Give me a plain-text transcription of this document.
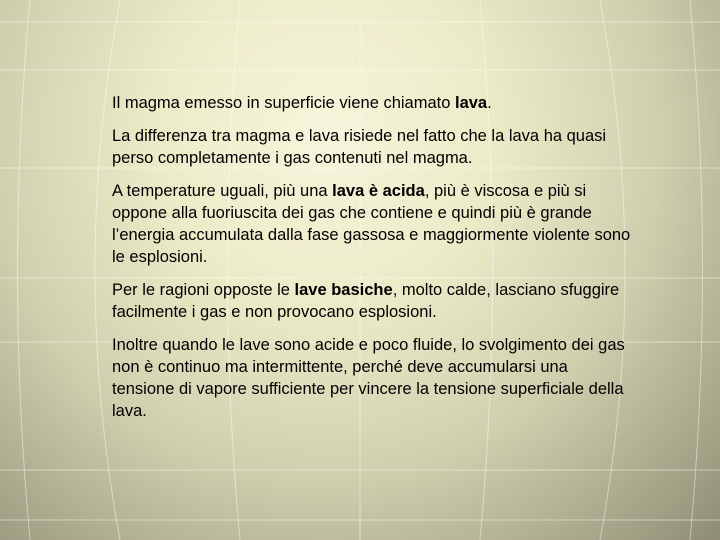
Il magma emesso in superficie viene chiamato lava.

La differenza tra magma e lava risiede nel fatto che la lava ha quasi perso completamente i gas contenuti nel magma.

A temperature uguali, più una lava è acida, più è viscosa e più si oppone alla fuoriuscita dei gas che contiene e quindi più è grande l’energia accumulata dalla fase gassosa e maggiormente violente sono le esplosioni.

Per le ragioni opposte le lave basiche, molto calde, lasciano sfuggire facilmente i gas e non provocano esplosioni.

Inoltre quando le lave sono acide e poco fluide, lo svolgimento dei gas non è continuo ma intermittente, perché deve accumularsi una tensione di vapore sufficiente per vincere la tensione superficiale della lava.
